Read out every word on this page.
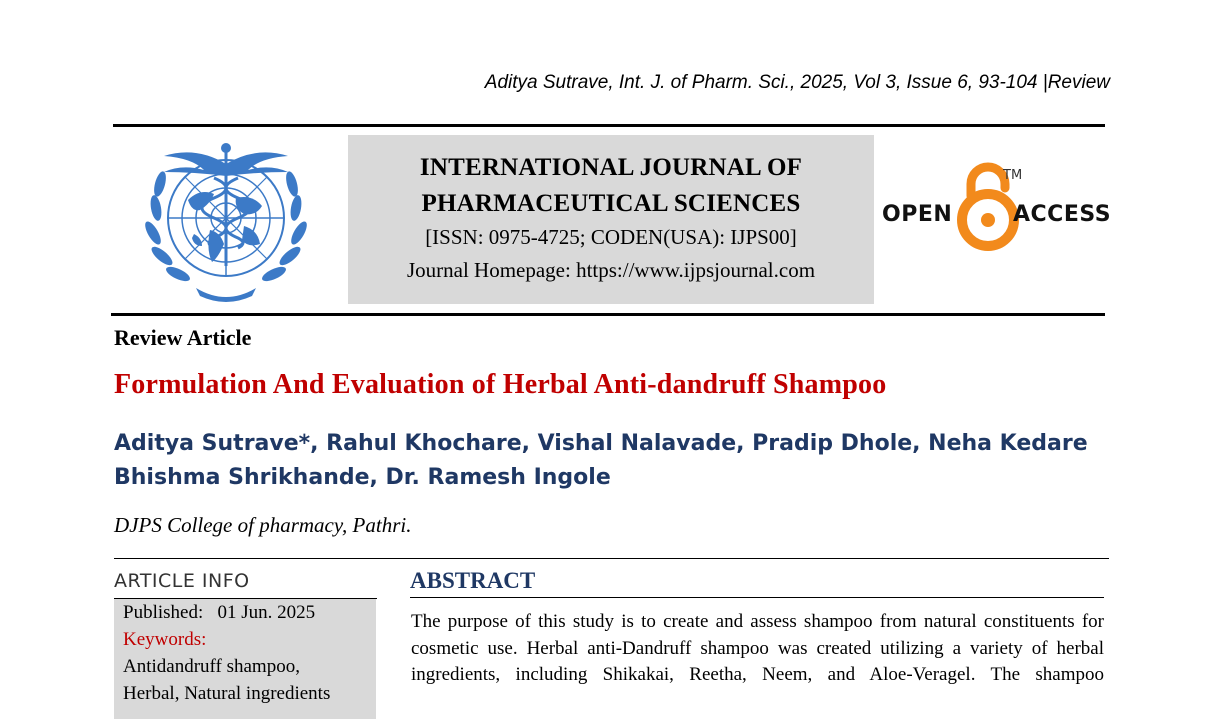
Aditya Sutrave, Int. J. of Pharm. Sci., 2025, Vol 3, Issue 6, 93-104 |Review
INTERNATIONAL JOURNAL OF
PHARMACEUTICAL SCIENCES
[ISSN: 0975-4725; CODEN(USA): IJPS00]
Journal Homepage: https://www.ijpsjournal.com
OPEN
TM
ACCESS
Review Article
Formulation And Evaluation of Herbal Anti-dandruff Shampoo
Aditya Sutrave*, Rahul Khochare, Vishal Nalavade, Pradip Dhole, Neha Kedare
Bhishma Shrikhande, Dr. Ramesh Ingole
DJPS College of pharmacy, Pathri.
ARTICLE INFO
Published: 01 Jun. 2025
Keywords:
Antidandruff shampoo,
Herbal, Natural ingredients
ABSTRACT
The purpose of this study is to create and assess shampoo from natural constituents for
cosmetic use. Herbal anti-Dandruff shampoo was created utilizing a variety of herbal
ingredients, including Shikakai, Reetha, Neem, and Aloe-Veragel. The shampoo
